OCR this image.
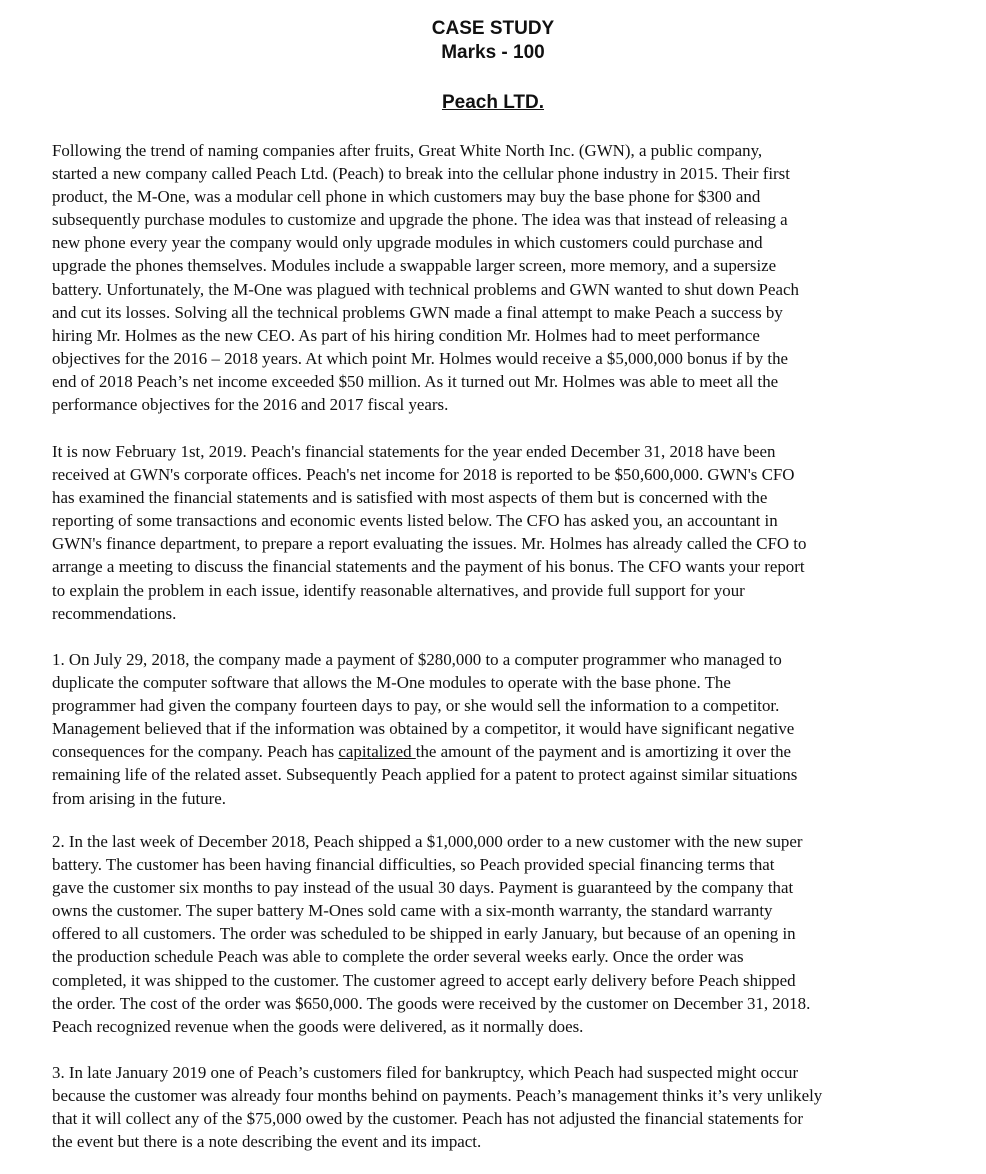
CASE STUDY
Marks - 100
Peach LTD.
Following the trend of naming companies after fruits, Great White North Inc. (GWN), a public company,
started a new company called Peach Ltd. (Peach) to break into the cellular phone industry in 2015. Their first
product, the M-One, was a modular cell phone in which customers may buy the base phone for $300 and
subsequently purchase modules to customize and upgrade the phone. The idea was that instead of releasing a
new phone every year the company would only upgrade modules in which customers could purchase and
upgrade the phones themselves. Modules include a swappable larger screen, more memory, and a supersize
battery. Unfortunately, the M-One was plagued with technical problems and GWN wanted to shut down Peach
and cut its losses. Solving all the technical problems GWN made a final attempt to make Peach a success by
hiring Mr. Holmes as the new CEO. As part of his hiring condition Mr. Holmes had to meet performance
objectives for the 2016 – 2018 years. At which point Mr. Holmes would receive a $5,000,000 bonus if by the
end of 2018 Peach’s net income exceeded $50 million. As it turned out Mr. Holmes was able to meet all the
performance objectives for the 2016 and 2017 fiscal years.
It is now February 1st, 2019. Peach's financial statements for the year ended December 31, 2018 have been
received at GWN's corporate offices. Peach's net income for 2018 is reported to be $50,600,000. GWN's CFO
has examined the financial statements and is satisfied with most aspects of them but is concerned with the
reporting of some transactions and economic events listed below. The CFO has asked you, an accountant in
GWN's finance department, to prepare a report evaluating the issues. Mr. Holmes has already called the CFO to
arrange a meeting to discuss the financial statements and the payment of his bonus. The CFO wants your report
to explain the problem in each issue, identify reasonable alternatives, and provide full support for your
recommendations.
1. On July 29, 2018, the company made a payment of $280,000 to a computer programmer who managed to
duplicate the computer software that allows the M-One modules to operate with the base phone. The
programmer had given the company fourteen days to pay, or she would sell the information to a competitor.
Management believed that if the information was obtained by a competitor, it would have significant negative
consequences for the company. Peach has capitalized the amount of the payment and is amortizing it over the
remaining life of the related asset. Subsequently Peach applied for a patent to protect against similar situations
from arising in the future.
2. In the last week of December 2018, Peach shipped a $1,000,000 order to a new customer with the new super
battery. The customer has been having financial difficulties, so Peach provided special financing terms that
gave the customer six months to pay instead of the usual 30 days. Payment is guaranteed by the company that
owns the customer. The super battery M-Ones sold came with a six-month warranty, the standard warranty
offered to all customers. The order was scheduled to be shipped in early January, but because of an opening in
the production schedule Peach was able to complete the order several weeks early. Once the order was
completed, it was shipped to the customer. The customer agreed to accept early delivery before Peach shipped
the order. The cost of the order was $650,000. The goods were received by the customer on December 31, 2018.
Peach recognized revenue when the goods were delivered, as it normally does.
3. In late January 2019 one of Peach’s customers filed for bankruptcy, which Peach had suspected might occur
because the customer was already four months behind on payments. Peach’s management thinks it’s very unlikely
that it will collect any of the $75,000 owed by the customer. Peach has not adjusted the financial statements for
the event but there is a note describing the event and its impact.
